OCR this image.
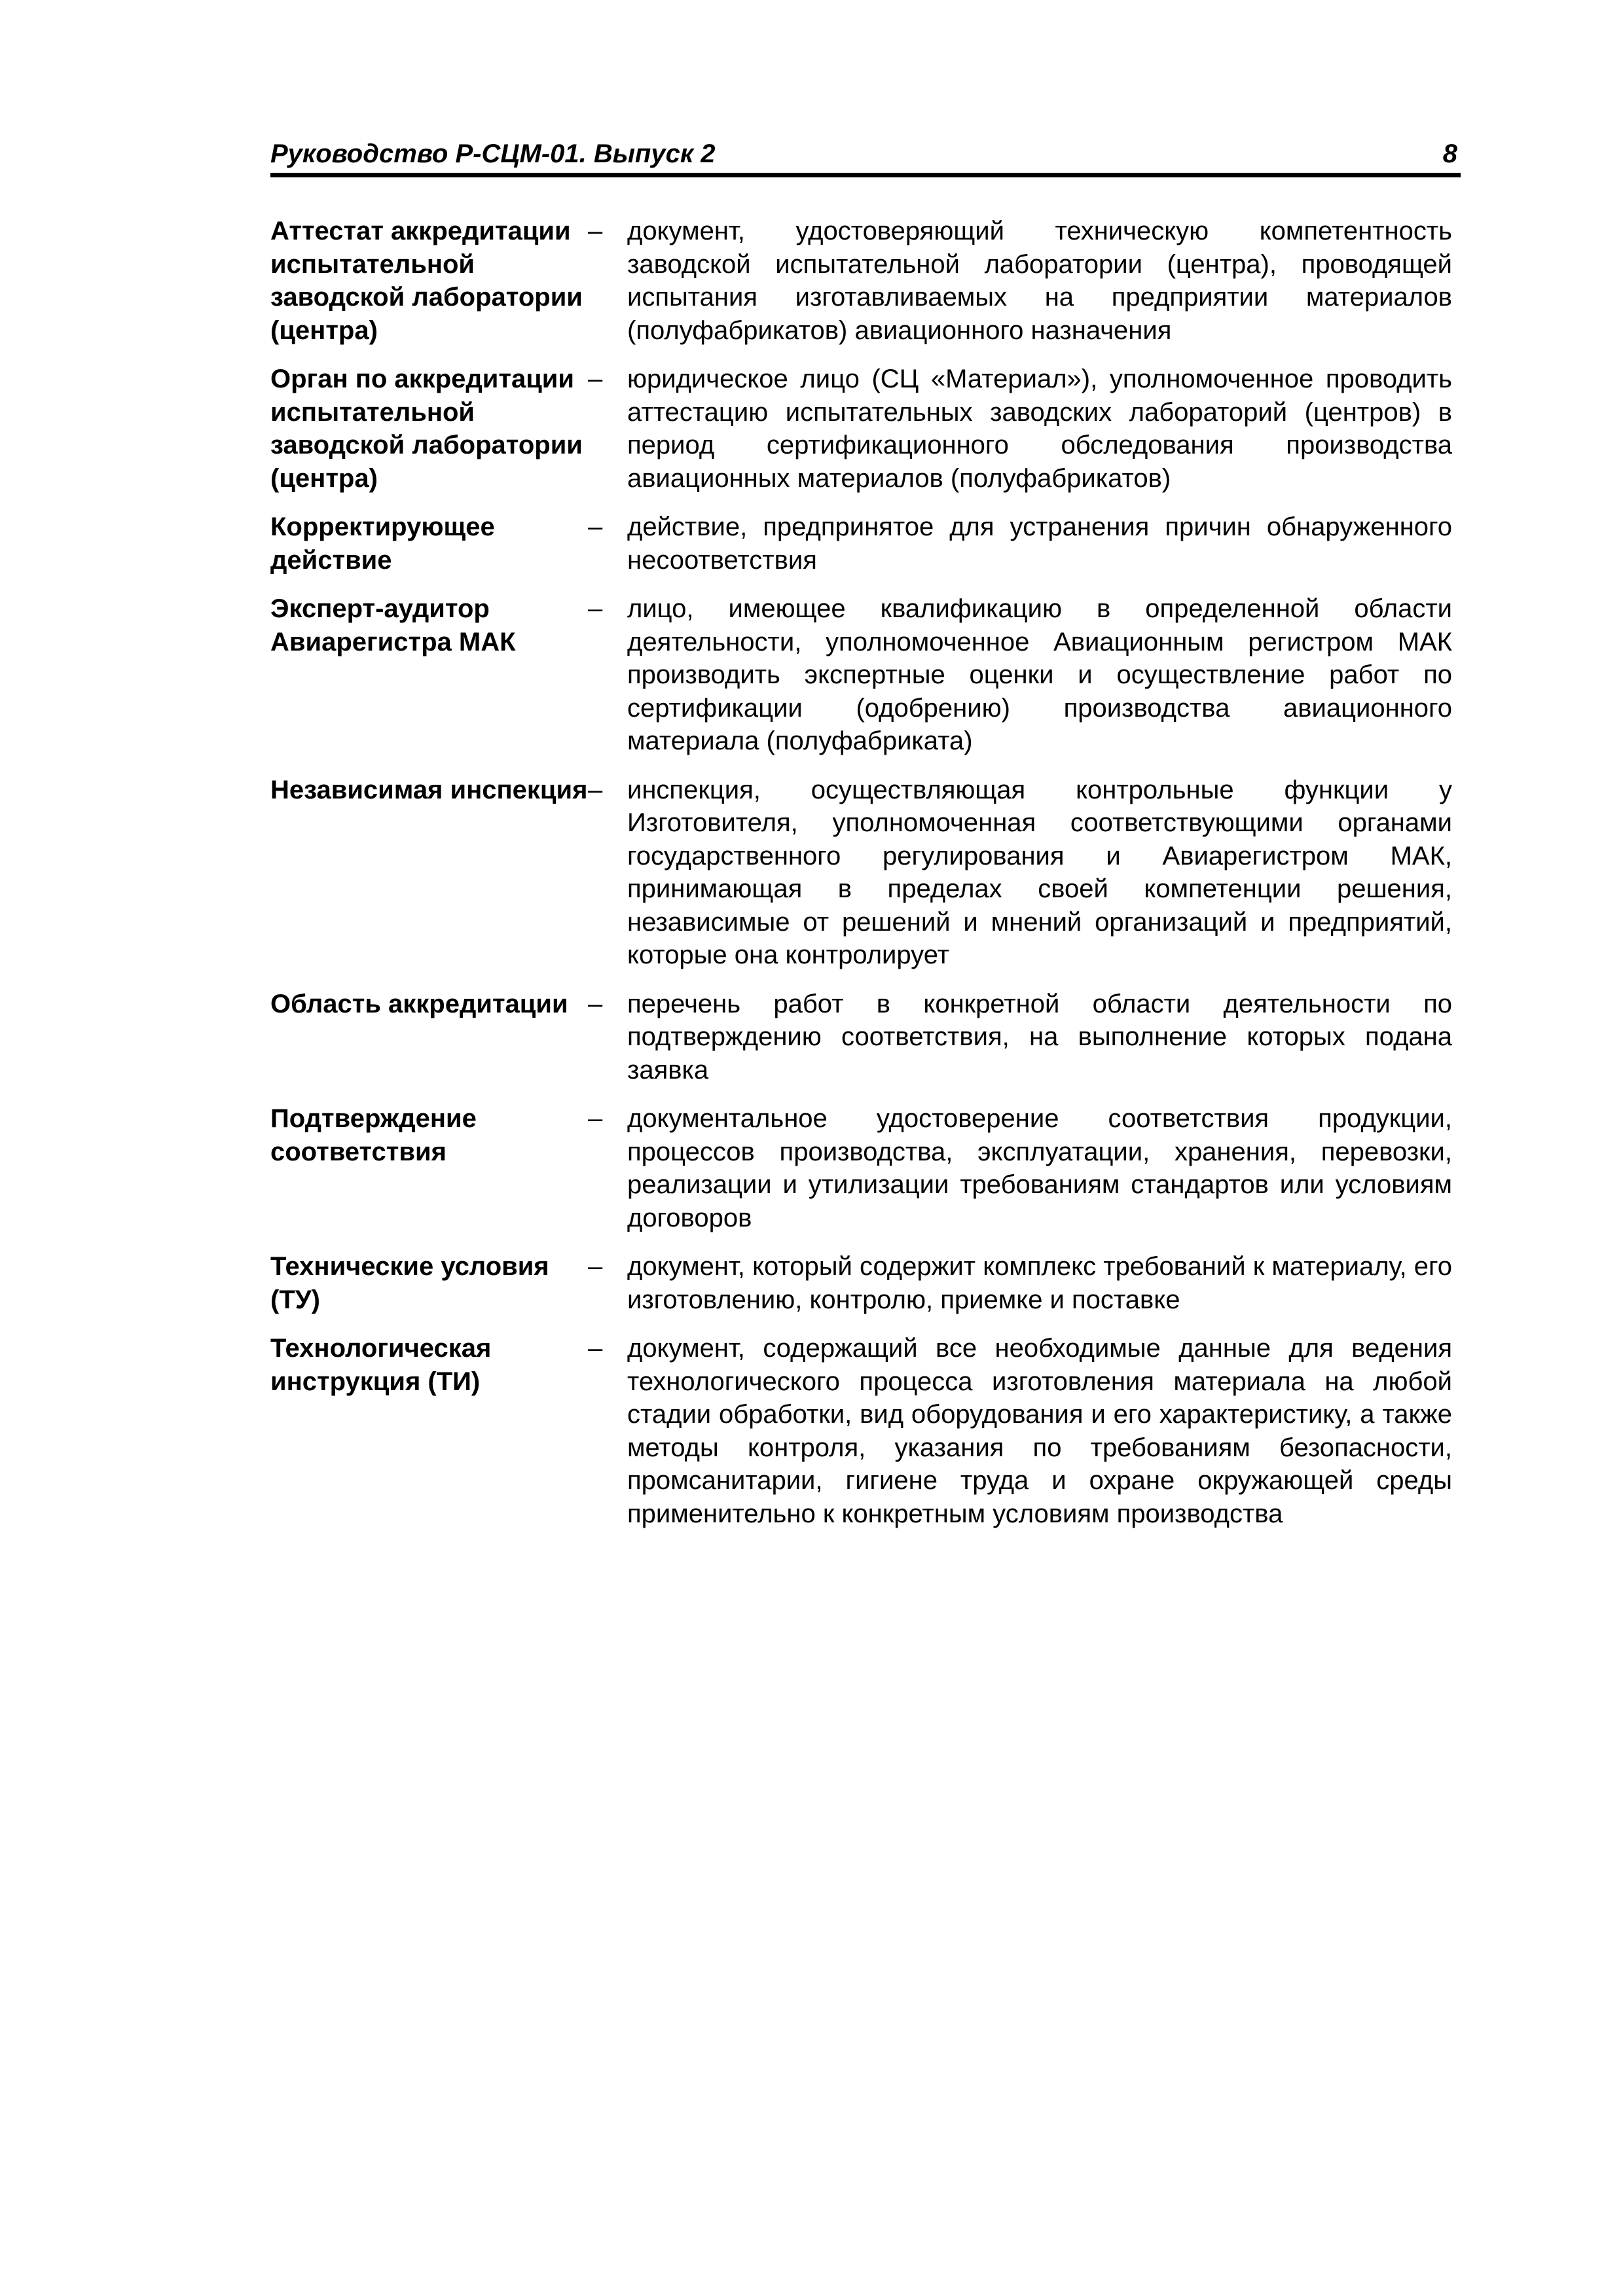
Руководство Р-СЦМ-01. Выпуск 2	8
Аттестат аккредитации испытательной заводской лаборатории (центра)
– документ, удостоверяющий техническую компетентность заводской испытательной лаборатории (центра), проводящей испытания изготавливаемых на предприятии материалов (полуфабрикатов) авиационного назначения
Орган по аккредитации испытательной заводской лаборатории (центра)
– юридическое лицо (СЦ «Материал»), уполномоченное проводить аттестацию испытательных заводских лабораторий (центров) в период сертификационного обследования производства авиационных материалов (полуфабрикатов)
Корректирующее действие
– действие, предпринятое для устранения причин обнаруженного несоответствия
Эксперт-аудитор Авиарегистра МАК
– лицо, имеющее квалификацию в определенной области деятельности, уполномоченное Авиационным регистром МАК производить экспертные оценки и осуществление работ по сертификации (одобрению) производства авиационного материала (полуфабриката)
Независимая инспекция – инспекция, осуществляющая контрольные функции у Изготовителя, уполномоченная соответствующими органами государственного регулирования и Авиарегистром МАК, принимающая в пределах своей компетенции решения, независимые от решений и мнений организаций и предприятий, которые она контролирует
Область аккредитации – перечень работ в конкретной области деятельности по подтверждению соответствия, на выполнение которых подана заявка
Подтверждение соответствия
– документальное удостоверение соответствия продукции, процессов производства, эксплуатации, хранения, перевозки, реализации и утилизации требованиям стандартов или условиям договоров
Технические условия (ТУ)
– документ, который содержит комплекс требований к материалу, его изготовлению, контролю, приемке и поставке
Технологическая инструкция (ТИ)
– документ, содержащий все необходимые данные для ведения технологического процесса изготовления материала на любой стадии обработки, вид оборудования и его характеристику, а также методы контроля, указания по требованиям безопасности, промсанитарии, гигиене труда и охране окружающей среды применительно к конкретным условиям производства
